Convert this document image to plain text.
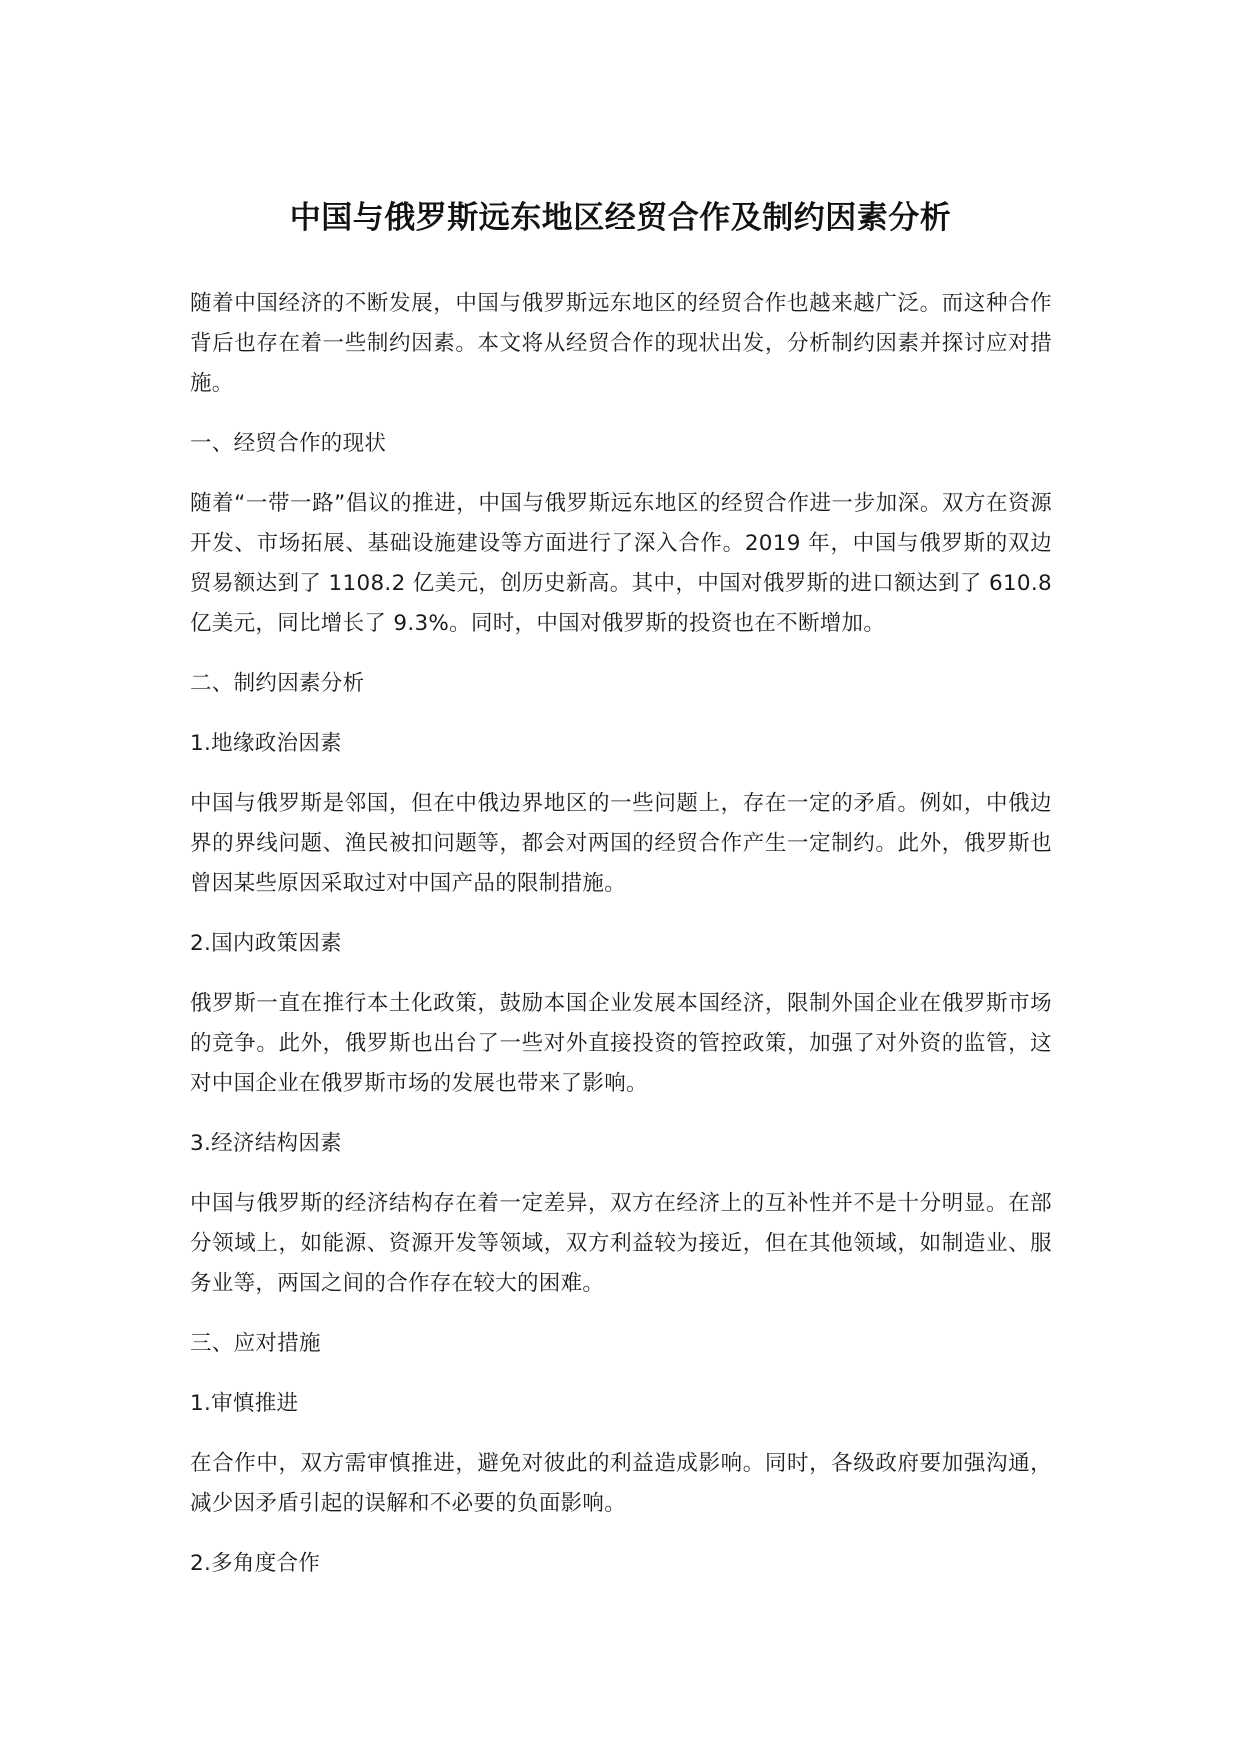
中国与俄罗斯远东地区经贸合作及制约因素分析

随着中国经济的不断发展，中国与俄罗斯远东地区的经贸合作也越来越广泛。而这种合作背后也存在着一些制约因素。本文将从经贸合作的现状出发，分析制约因素并探讨应对措施。

一、经贸合作的现状

随着“一带一路”倡议的推进，中国与俄罗斯远东地区的经贸合作进一步加深。双方在资源开发、市场拓展、基础设施建设等方面进行了深入合作。2019 年，中国与俄罗斯的双边贸易额达到了 1108.2 亿美元，创历史新高。其中，中国对俄罗斯的进口额达到了 610.8 亿美元，同比增长了 9.3%。同时，中国对俄罗斯的投资也在不断增加。

二、制约因素分析

1.地缘政治因素

中国与俄罗斯是邻国，但在中俄边界地区的一些问题上，存在一定的矛盾。例如，中俄边界的界线问题、渔民被扣问题等，都会对两国的经贸合作产生一定制约。此外，俄罗斯也曾因某些原因采取过对中国产品的限制措施。

2.国内政策因素

俄罗斯一直在推行本土化政策，鼓励本国企业发展本国经济，限制外国企业在俄罗斯市场的竞争。此外，俄罗斯也出台了一些对外直接投资的管控政策，加强了对外资的监管，这对中国企业在俄罗斯市场的发展也带来了影响。

3.经济结构因素

中国与俄罗斯的经济结构存在着一定差异，双方在经济上的互补性并不是十分明显。在部分领域上，如能源、资源开发等领域，双方利益较为接近，但在其他领域，如制造业、服务业等，两国之间的合作存在较大的困难。

三、应对措施

1.审慎推进

在合作中，双方需审慎推进，避免对彼此的利益造成影响。同时，各级政府要加强沟通，减少因矛盾引起的误解和不必要的负面影响。

2.多角度合作
